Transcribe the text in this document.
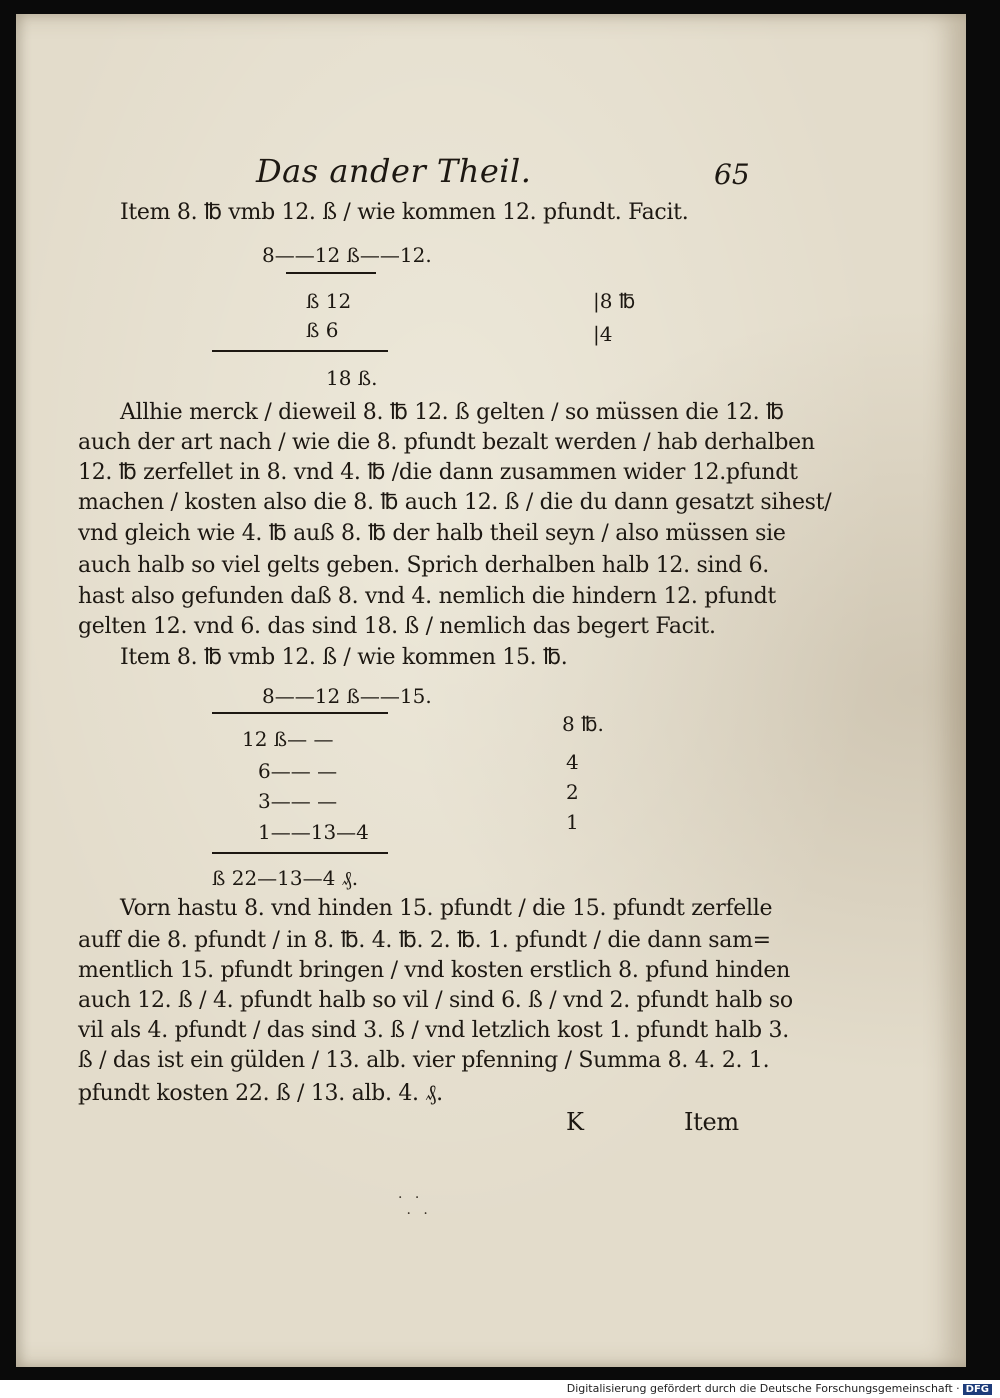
Das ander Theil.	65
Item 8. ℔ vmb 12. ß / wie kommen 12. pfundt. Facit.
8——12 ß——12.
ß 12
ß 6
|8 ℔
|4
18 ß.
Allhie merck / dieweil 8. ℔ 12. ß gelten / so müssen die 12. ℔
auch der art nach / wie die 8. pfundt bezalt werden / hab derhalben
12. ℔ zerfellet in 8. vnd 4. ℔ /die dann zusammen wider 12.pfundt
machen / kosten also die 8. ℔ auch 12. ß / die du dann gesatzt sihest/
vnd gleich wie 4. ℔ auß 8. ℔ der halb theil seyn / also müssen sie
auch halb so viel gelts geben. Sprich derhalben halb 12. sind 6.
hast also gefunden daß 8. vnd 4. nemlich die hindern 12. pfundt
gelten 12. vnd 6. das sind 18. ß / nemlich das begert Facit.
Item 8. ℔ vmb 12. ß / wie kommen 15. ℔.
8——12 ß——15.
12 ß— —
6—— —
3—— —
1——13—4
8 ℔.
4
2
1
ß 22—13—4 ₰.
Vorn hastu 8. vnd hinden 15. pfundt / die 15. pfundt zerfelle
auff die 8. pfundt / in 8. ℔. 4. ℔. 2. ℔. 1. pfundt / die dann sam=
mentlich 15. pfundt bringen / vnd kosten erstlich 8. pfund hinden
auch 12. ß / 4. pfundt halb so vil / sind 6. ß / vnd 2. pfundt halb so
vil als 4. pfundt / das sind 3. ß / vnd letzlich kost 1. pfundt halb 3.
ß / das ist ein gülden / 13. alb. vier pfenning / Summa 8. 4. 2. 1.
pfundt kosten 22. ß / 13. alb. 4. ₰.
K	Item
· ·
· ·
Digitalisierung gefördert durch die Deutsche Forschungsgemeinschaft · DFG
